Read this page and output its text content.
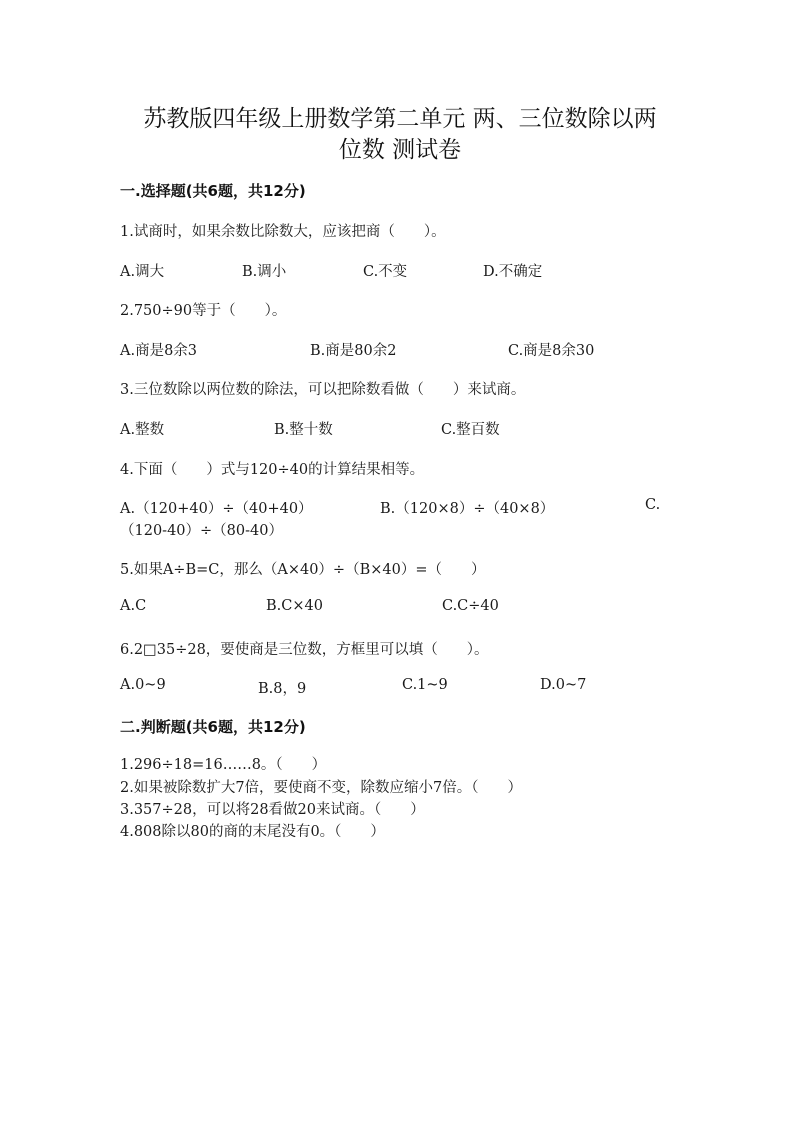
苏教版四年级上册数学第二单元 两、三位数除以两
位数 测试卷
一.选择题(共6题，共12分)
1.试商时，如果余数比除数大，应该把商（　　）。
A.调大	B.调小	C.不变	D.不确定
2.750÷90等于（　　）。
A.商是8余3	B.商是80余2	C.商是8余30
3.三位数除以两位数的除法，可以把除数看做（　　）来试商。
A.整数	B.整十数	C.整百数
4.下面（　　）式与120÷40的计算结果相等。
A.（120+40）÷（40+40）	B.（120×8）÷（40×8）	C.
（120-40）÷（80-40）
5.如果A÷B=C，那么（A×40）÷（B×40）=（　　）
A.C	B.C×40	C.C÷40
6.2□35÷28，要使商是三位数，方框里可以填（　　）。
A.0~9	B.8，9	C.1~9	D.0~7
二.判断题(共6题，共12分)
1.296÷18=16……8。（　　）
2.如果被除数扩大7倍，要使商不变，除数应缩小7倍。（　　）
3.357÷28，可以将28看做20来试商。（　　）
4.808除以80的商的末尾没有0。（　　）
